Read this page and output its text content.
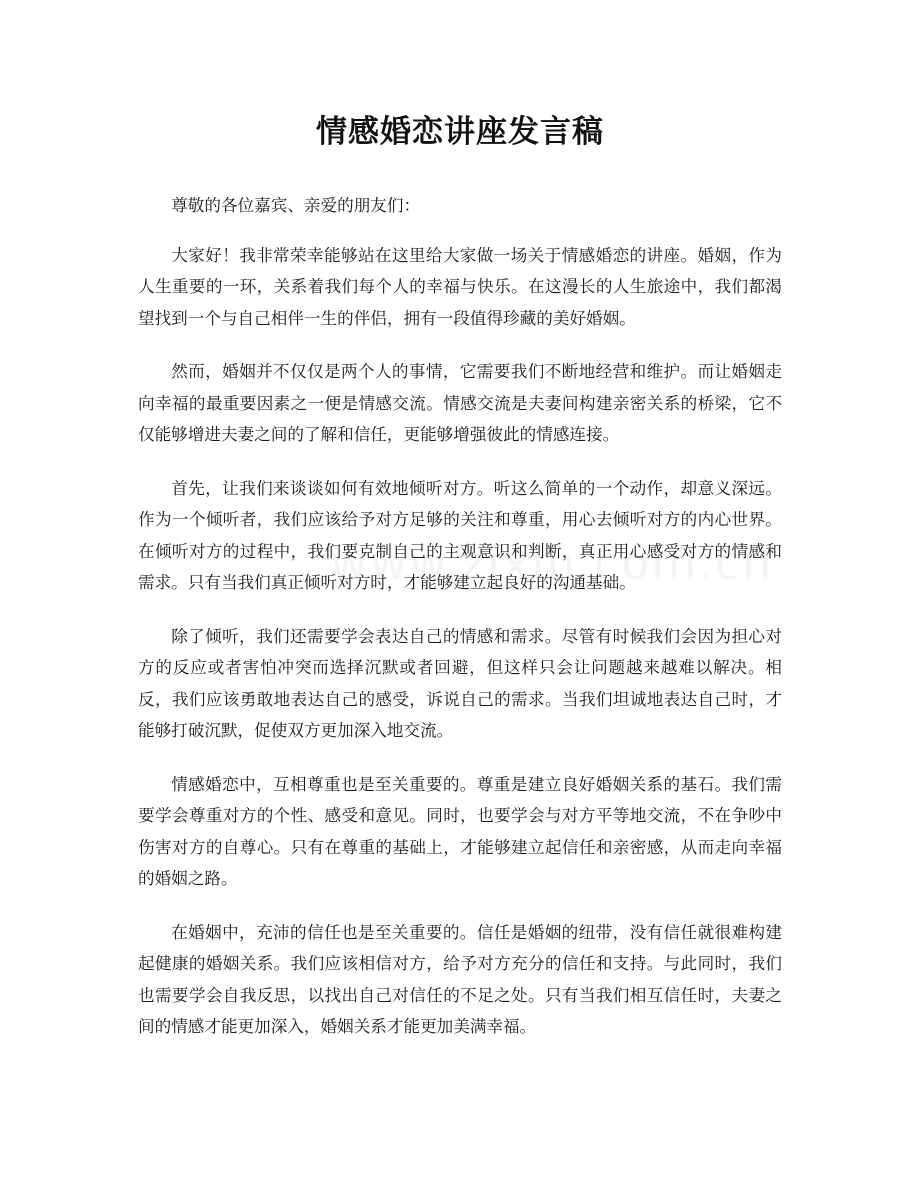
情感婚恋讲座发言稿

尊敬的各位嘉宾、亲爱的朋友们：

大家好！我非常荣幸能够站在这里给大家做一场关于情感婚恋的讲座。婚姻，作为人生重要的一环，关系着我们每个人的幸福与快乐。在这漫长的人生旅途中，我们都渴望找到一个与自己相伴一生的伴侣，拥有一段值得珍藏的美好婚姻。

然而，婚姻并不仅仅是两个人的事情，它需要我们不断地经营和维护。而让婚姻走向幸福的最重要因素之一便是情感交流。情感交流是夫妻间构建亲密关系的桥梁，它不仅能够增进夫妻之间的了解和信任，更能够增强彼此的情感连接。

首先，让我们来谈谈如何有效地倾听对方。听这么简单的一个动作，却意义深远。作为一个倾听者，我们应该给予对方足够的关注和尊重，用心去倾听对方的内心世界。在倾听对方的过程中，我们要克制自己的主观意识和判断，真正用心感受对方的情感和需求。只有当我们真正倾听对方时，才能够建立起良好的沟通基础。

除了倾听，我们还需要学会表达自己的情感和需求。尽管有时候我们会因为担心对方的反应或者害怕冲突而选择沉默或者回避，但这样只会让问题越来越难以解决。相反，我们应该勇敢地表达自己的感受，诉说自己的需求。当我们坦诚地表达自己时，才能够打破沉默，促使双方更加深入地交流。

情感婚恋中，互相尊重也是至关重要的。尊重是建立良好婚姻关系的基石。我们需要学会尊重对方的个性、感受和意见。同时，也要学会与对方平等地交流，不在争吵中伤害对方的自尊心。只有在尊重的基础上，才能够建立起信任和亲密感，从而走向幸福的婚姻之路。

在婚姻中，充沛的信任也是至关重要的。信任是婚姻的纽带，没有信任就很难构建起健康的婚姻关系。我们应该相信对方，给予对方充分的信任和支持。与此同时，我们也需要学会自我反思，以找出自己对信任的不足之处。只有当我们相互信任时，夫妻之间的情感才能更加深入，婚姻关系才能更加美满幸福。
